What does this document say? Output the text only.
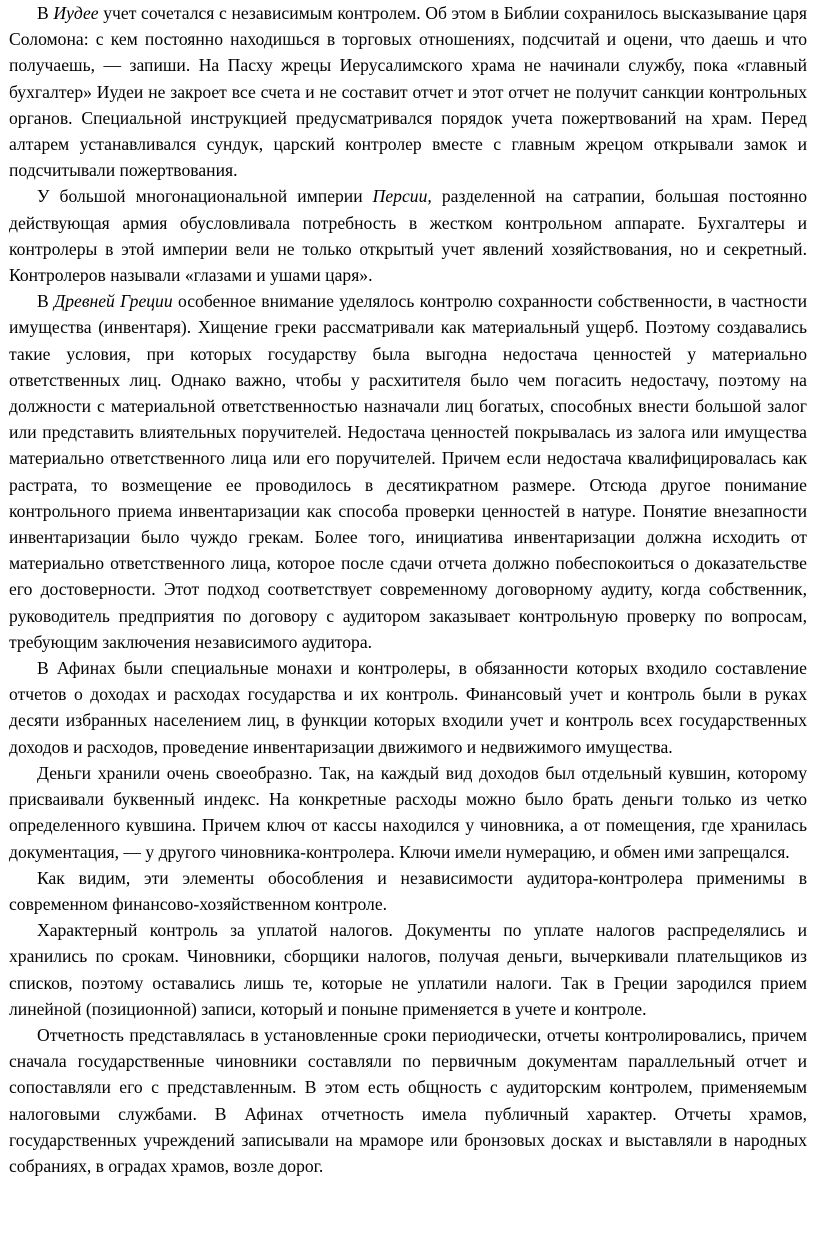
В Иудее учет сочетался с независимым контролем. Об этом в Библии сохранилось высказывание царя Соломона: с кем постоянно находишься в торговых отношениях, подсчитай и оцени, что даешь и что получаешь, — запиши. На Пасху жрецы Иерусалимского храма не начинали службу, пока «главный бухгалтер» Иудеи не закроет все счета и не составит отчет и этот отчет не получит санкции контрольных органов. Специальной инструкцией предусматривался порядок учета пожертвований на храм. Перед алтарем устанавливался сундук, царский контролер вместе с главным жрецом открывали замок и подсчитывали пожертвования.

У большой многонациональной империи Персии, разделенной на сатрапии, большая постоянно действующая армия обусловливала потребность в жестком контрольном аппарате. Бухгалтеры и контролеры в этой империи вели не только открытый учет явлений хозяйствования, но и секретный. Контролеров называли «глазами и ушами царя».

В Древней Греции особенное внимание уделялось контролю сохранности собственности, в частности имущества (инвентаря). Хищение греки рассматривали как материальный ущерб. Поэтому создавались такие условия, при которых государству была выгодна недостача ценностей у материально ответственных лиц. Однако важно, чтобы у расхитителя было чем погасить недостачу, поэтому на должности с материальной ответственностью назначали лиц богатых, способных внести большой залог или представить влиятельных поручителей. Недостача ценностей покрывалась из залога или имущества материально ответственного лица или его поручителей. Причем если недостача квалифицировалась как растрата, то возмещение ее проводилось в десятикратном размере. Отсюда другое понимание контрольного приема инвентаризации как способа проверки ценностей в натуре. Понятие внезапности инвентаризации было чуждо грекам. Более того, инициатива инвентаризации должна исходить от материально ответственного лица, которое после сдачи отчета должно побеспокоиться о доказательстве его достоверности. Этот подход соответствует современному договорному аудиту, когда собственник, руководитель предприятия по договору с аудитором заказывает контрольную проверку по вопросам, требующим заключения независимого аудитора.

В Афинах были специальные монахи и контролеры, в обязанности которых входило составление отчетов о доходах и расходах государства и их контроль. Финансовый учет и контроль были в руках десяти избранных населением лиц, в функции которых входили учет и контроль всех государственных доходов и расходов, проведение инвентаризации движимого и недвижимого имущества.

Деньги хранили очень своеобразно. Так, на каждый вид доходов был отдельный кувшин, которому присваивали буквенный индекс. На конкретные расходы можно было брать деньги только из четко определенного кувшина. Причем ключ от кассы находился у чиновника, а от помещения, где хранилась документация, — у другого чиновника-контролера. Ключи имели нумерацию, и обмен ими запрещался.

Как видим, эти элементы обособления и независимости аудитора-контролера применимы в современном финансово-хозяйственном контроле.

Характерный контроль за уплатой налогов. Документы по уплате налогов распределялись и хранились по срокам. Чиновники, сборщики налогов, получая деньги, вычеркивали плательщиков из списков, поэтому оставались лишь те, которые не уплатили налоги. Так в Греции зародился прием линейной (позиционной) записи, который и поныне применяется в учете и контроле.

Отчетность представлялась в установленные сроки периодически, отчеты контролировались, причем сначала государственные чиновники составляли по первичным документам параллельный отчет и сопоставляли его с представленным. В этом есть общность с аудиторским контролем, применяемым налоговыми службами. В Афинах отчетность имела публичный характер. Отчеты храмов, государственных учреждений записывали на мраморе или бронзовых досках и выставляли в народных собраниях, в оградах храмов, возле дорог.
